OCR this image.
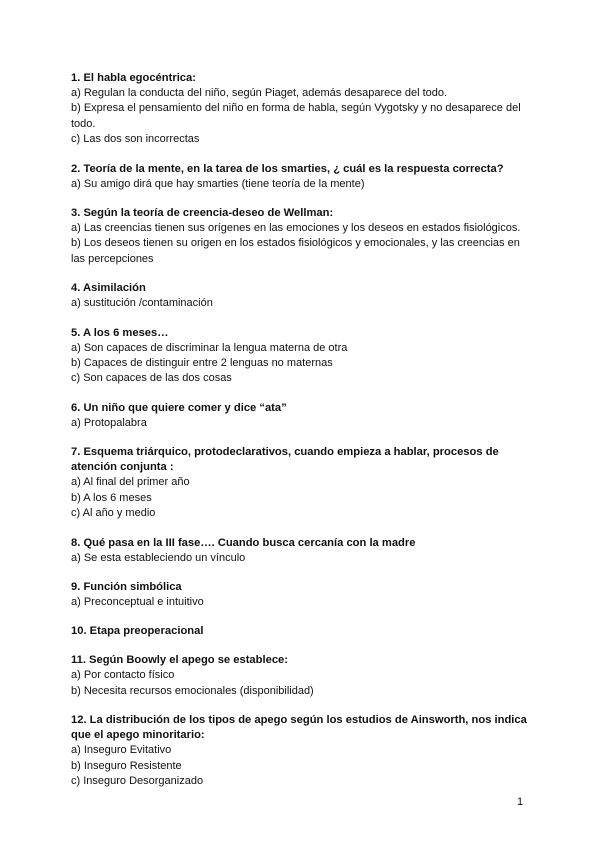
1. El habla egocéntrica:

a) Regulan la conducta del niño, según Piaget, además desaparece del todo.

b) Expresa el pensamiento del niño en forma de habla, según Vygotsky y no desaparece del todo.

c) Las dos son incorrectas

2. Teoría de la mente, en la tarea de los smarties, ¿ cuál es la respuesta correcta?

a) Su amigo dirá que hay smarties (tiene teoría de la mente)

3. Según la teoría de creencia-deseo de Wellman:

a) Las creencias tienen sus orígenes en las emociones y los deseos en estados fisiológicos.

b) Los deseos tienen su origen en los estados fisiológicos y emocionales, y las creencias en las percepciones

4. Asimilación

a) sustitución /contaminación

5. A los 6 meses…

a) Son capaces de discriminar la lengua materna de otra

b) Capaces de distinguir entre 2 lenguas no maternas

c) Son capaces de las dos cosas

6. Un niño que quiere comer y dice “ata”

a) Protopalabra

7. Esquema triárquico, protodeclarativos, cuando empieza a hablar, procesos de atención conjunta :

a) Al final del primer año

b) A los 6 meses

c) Al año y medio

8. Qué pasa en la III fase…. Cuando busca cercanía con la madre

a) Se esta estableciendo un vínculo

9. Función simbólica

a) Preconceptual e intuitivo

10. Etapa preoperacional

11. Según Boowly el apego se establece:

a) Por contacto físico

b) Necesita recursos emocionales (disponibilidad)

12. La distribución de los tipos de apego según los estudios de Ainsworth, nos indica que el apego minoritario:

a) Inseguro Evitativo

b) Inseguro Resistente

c) Inseguro Desorganizado

1
